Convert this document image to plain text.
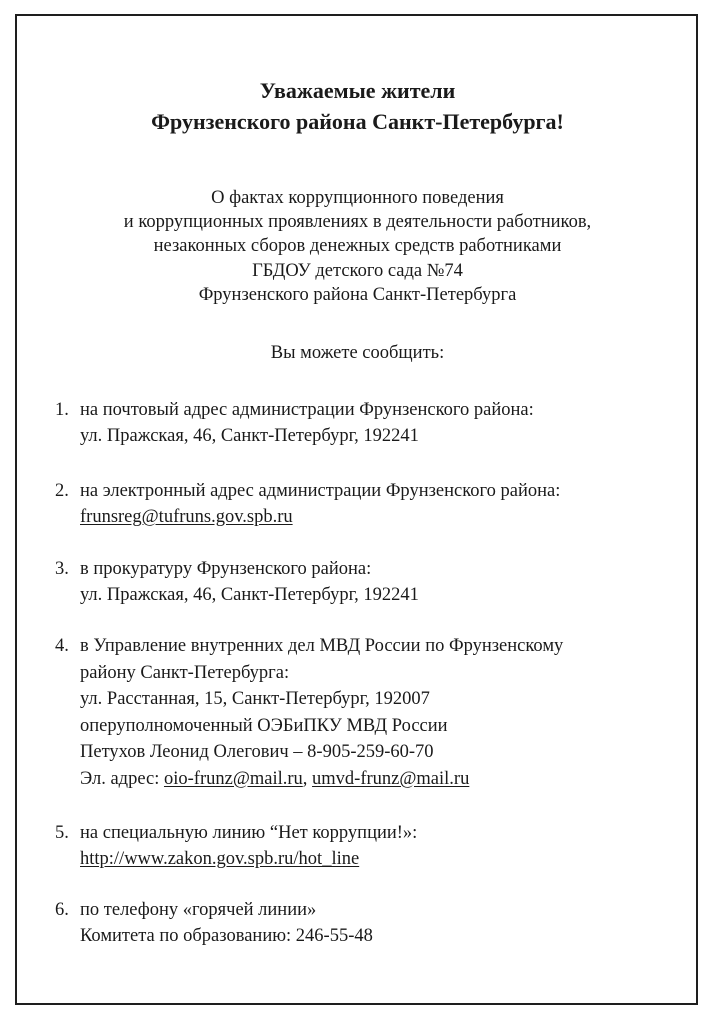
Уважаемые жители
Фрунзенского района Санкт-Петербурга!
О фактах коррупционного поведения
и коррупционных проявлениях в деятельности работников,
незаконных сборов денежных средств работниками
ГБДОУ детского сада №74
Фрунзенского района Санкт-Петербурга
Вы можете сообщить:
1. на почтовый адрес администрации Фрунзенского района:
ул. Пражская, 46, Санкт-Петербург, 192241
2. на электронный адрес администрации Фрунзенского района:
frunsreg@tufruns.gov.spb.ru
3. в прокуратуру Фрунзенского района:
ул. Пражская, 46, Санкт-Петербург, 192241
4. в Управление внутренних дел МВД России по Фрунзенскому
району Санкт-Петербурга:
ул. Расстанная, 15, Санкт-Петербург, 192007
оперуполномоченный ОЭБиПКУ МВД России
Петухов Леонид Олегович – 8-905-259-60-70
Эл. адрес: oio-frunz@mail.ru, umvd-frunz@mail.ru
5. на специальную линию “Нет коррупции!»:
http://www.zakon.gov.spb.ru/hot_line
6. по телефону «горячей линии»
Комитета по образованию: 246-55-48
